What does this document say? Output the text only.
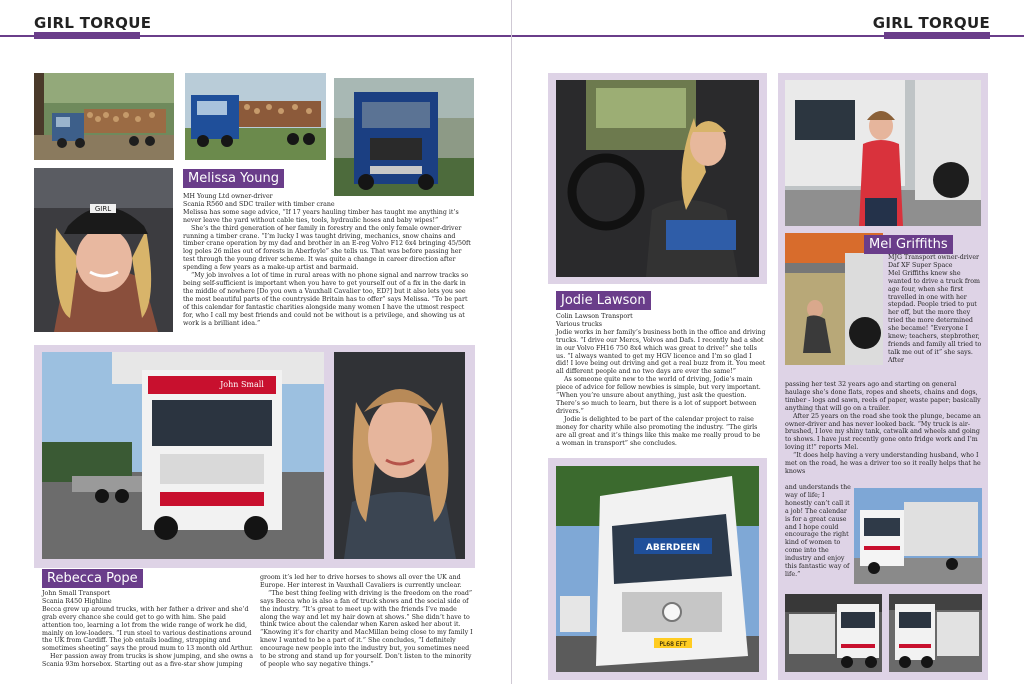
GIRL TORQUE
GIRL
Melissa Young
MH Young Ltd owner-driver
Scania R560 and SDC trailer with timber crane

Melissa has some sage advice, “If 17 years hauling timber has taught me anything it’s never leave the yard without cable ties, tools, hydraulic hoses and baby wipes!”

She’s the third generation of her family in forestry and the only female owner-driver running a timber crane. “I’m lucky I was taught driving, mechanics, snow chains and timber crane operation by my dad and brother in an E-reg Volvo F12 6x4 bringing 45/50ft log poles 26 miles out of forests in Aberfoyle” she tells us. That was before passing her test through the young driver scheme. It was quite a change in career direction after spending a few years as a make-up artist and barmaid.

“My job involves a lot of time in rural areas with no phone signal and narrow tracks so being self-sufficient is important when you have to get yourself out of a fix in the dark in the middle of nowhere [Do you own a Vauxhall Cavalier too, ED?] but it also lets you see the most beautiful parts of the countryside Britain has to offer” says Melissa. “To be part of this calendar for fantastic charities alongside many women I have the utmost respect for, who I call my best friends and could not be without is a privilege, and showing us at work is a brilliant idea.”

John Small
Rebecca Pope
John Small Transport
Scania R450 Highline

Becca grew up around trucks, with her father a driver and she’d grab every chance she could get to go with him. She paid attention too, learning a lot from the wide range of work he did, mainly on low-loaders. “I run steel to various destinations around the UK from Cardiff. The job entails loading, strapping and sometimes sheeting” says the proud mum to 13 month old Arthur.

Her passion away from trucks is show jumping, and she owns a Scania 93m horsebox. Starting out as a five-star show jumping

groom it’s led her to drive horses to shows all over the UK and Europe. Her interest in Vauxhall Cavaliers is currently unclear.

“The best thing feeling with driving is the freedom on the road” says Becca who is also a fan of truck shows and the social side of the industry. “It’s great to meet up with the friends I’ve made along the way and let my hair down at shows.” She didn’t have to think twice about the calendar when Karen asked her about it. “Knowing it’s for charity and MacMillan being close to my family I knew I wanted to be a part of it.” She concludes, “I definitely encourage new people into the industry but, you sometimes need to be strong and stand up for yourself. Don’t listen to the minority of people who say negative things.”

GIRL TORQUE
Jodie Lawson
Colin Lawson Transport
Various trucks

Jodie works in her family’s business both in the office and driving trucks. “I drive our Mercs, Volvos and Dafs. I recently had a shot in our Volvo FH16 750 8x4 which was great to drive!” she tells us. “I always wanted to get my HGV licence and I’m so glad I did! I love being out driving and get a real buzz from it. You meet all different people and no two days are ever the same!”

As someone quite new to the world of driving, Jodie’s main piece of advice for fellow newbies is simple, but very important. “When you’re unsure about anything, just ask the question. There’s so much to learn, but there is a lot of support between drivers.”

Jodie is delighted to be part of the calendar project to raise money for charity while also promoting the industry. “The girls are all great and it’s things like this make me really proud to be a woman in transport” she concludes.

ABERDEEN
PL68 EFT
Mel Griffiths
MJG Transport owner-driver
Daf XF Super Space

Mel Griffiths knew she wanted to drive a truck from age four, when she first travelled in one with her stepdad. People tried to put her off, but the more they tried the more determined she became! “Everyone I knew; teachers, stepbrother, friends and family all tried to talk me out of it” she says. After

passing her test 32 years ago and starting on general haulage she’s done flats, ropes and sheets, chains and dogs, timber - logs and sawn, reels of paper, waste paper; basically anything that will go on a trailer.

After 25 years on the road she took the plunge, became an owner-driver and has never looked back. “My truck is air-brushed, I love my shiny tank, catwalk and wheels and going to shows. I have just recently gone onto fridge work and I’m loving it!” reports Mel.

“It does help having a very understanding husband, who I met on the road, he was a driver too so it really helps that he knows

and understands the way of life; I honestly can’t call it a job! The calendar is for a great cause and I hope could encourage the right kind of women to come into the industry and enjoy this fantastic way of life.”
